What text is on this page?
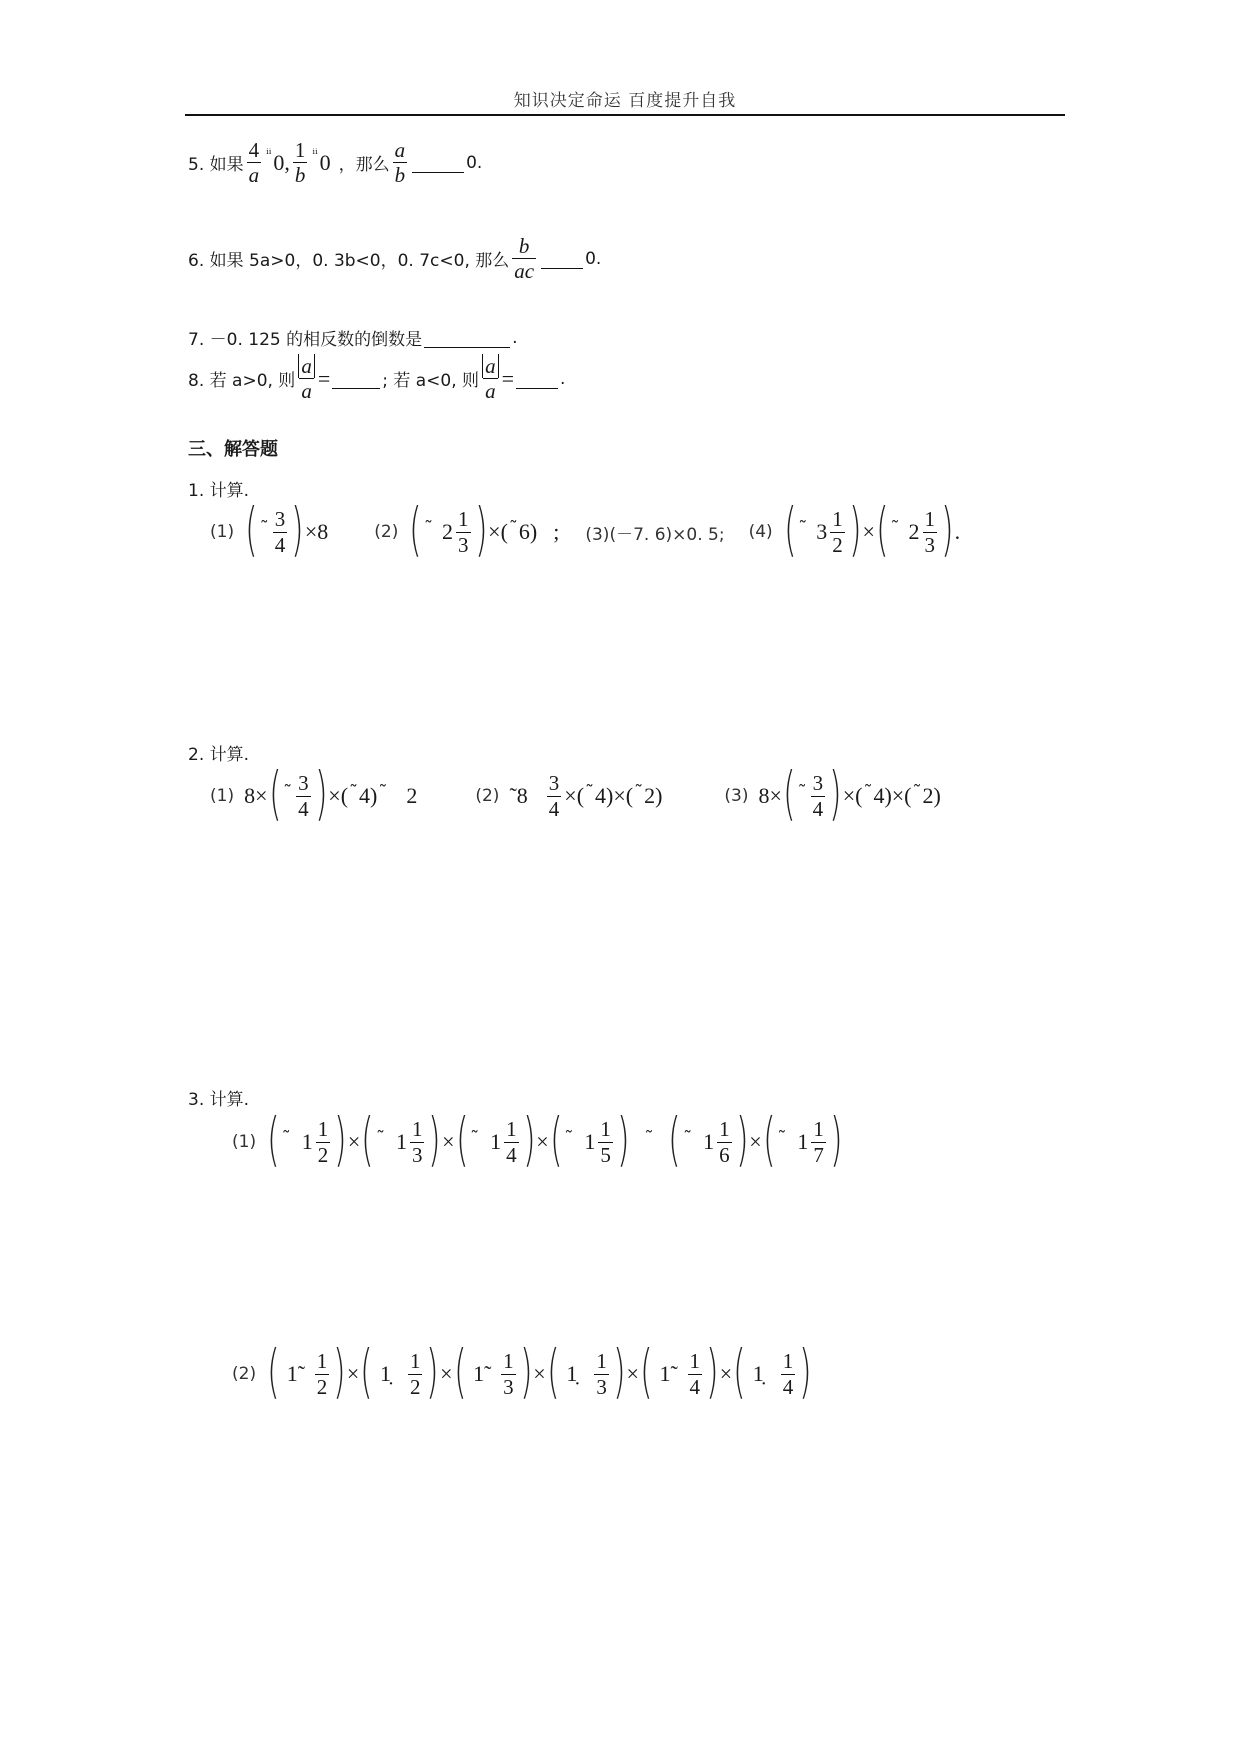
知识决定命运 百度提升自我
5. 如果 $\frac{4}{a}$ ⁱⁱ 0 , $\frac{1}{b}$ ⁱⁱ 0 ，那么 $\frac{a}{b}$	0.
6. 如果 5a>0，0. 3b<0，0. 7c<0, 那么 $\frac{b}{ac}$	0.
7. －0. 125 的相反数的倒数是	.
8. 若 a>0, 则 $\frac{a}{a}$ =	; 若 a<0, 则 $\frac{a}{a}$ =	.
三、解答题
1. 计算.
(1) ( ˜ $\frac{3}{4}$ ) ×8	(2) ( ˜ $2 \frac{1}{3}$ ) ×( ˜ 6) ; (3)(－7. 6)×0. 5; (4) ( ˜ $3 \frac{1}{2}$ ) × ( ˜ $2 \frac{1}{3}$ ) .
2. 计算.
(1) 8× ( ˜ $\frac{3}{4}$ ) ×( ˜ 4) ˜ 2	(2) ˜8 $\frac{3}{4}$ ×( ˜ 4)×( ˜ 2)	(3) 8× ( ˜ $\frac{3}{4}$ ) ×( ˜ 4)×( ˜ 2)
3. 计算.
(1) ( ˜ $1 \frac{1}{2}$ ) × ( ˜ $1 \frac{1}{3}$ ) × ( ˜ $1 \frac{1}{4}$ ) × ( ˜ $1 \frac{1}{5}$ ) ˜ ( ˜ $1 \frac{1}{6}$ ) × ( ˜ $1 \frac{1}{7}$ )
(2) ( 1̃ $\frac{1}{2}$ ) × ( 1̣ $\frac{1}{2}$ ) × ( 1̃ $\frac{1}{3}$ ) × ( 1̣ $\frac{1}{3}$ ) × ( 1̃ $\frac{1}{4}$ ) × ( 1̣ $\frac{1}{4}$ )
